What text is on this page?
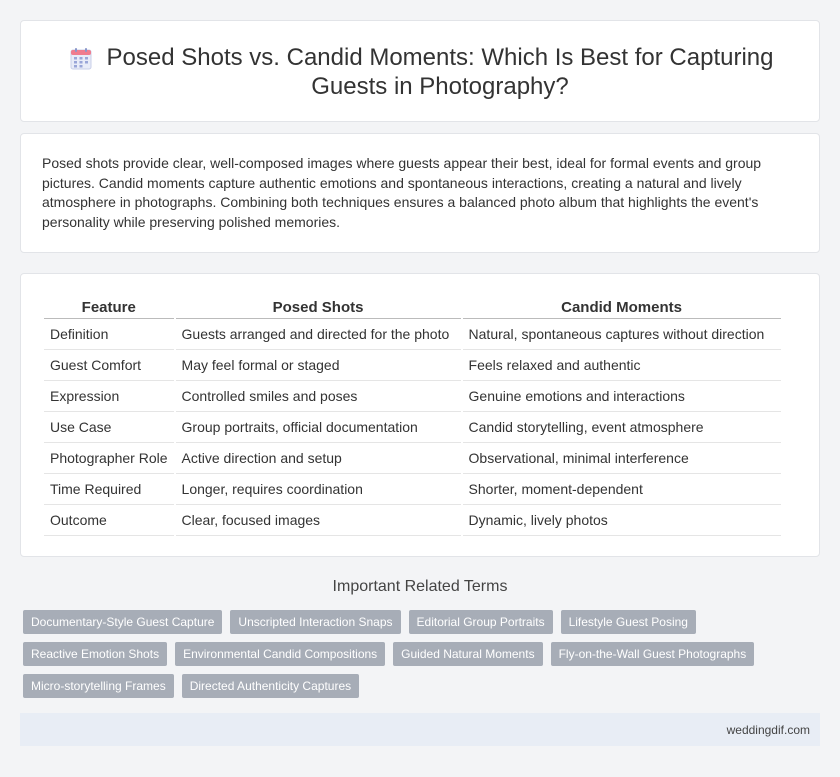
Posed Shots vs. Candid Moments: Which Is Best for Capturing Guests in Photography?

Posed shots provide clear, well-composed images where guests appear their best, ideal for formal events and group pictures. Candid moments capture authentic emotions and spontaneous interactions, creating a natural and lively atmosphere in photographs. Combining both techniques ensures a balanced photo album that highlights the event's personality while preserving polished memories.

Feature	Posed Shots	Candid Moments
Definition	Guests arranged and directed for the photo	Natural, spontaneous captures without direction
Guest Comfort	May feel formal or staged	Feels relaxed and authentic
Expression	Controlled smiles and poses	Genuine emotions and interactions
Use Case	Group portraits, official documentation	Candid storytelling, event atmosphere
Photographer Role	Active direction and setup	Observational, minimal interference
Time Required	Longer, requires coordination	Shorter, moment-dependent
Outcome	Clear, focused images	Dynamic, lively photos
Important Related Terms
Documentary-Style Guest Capture	Unscripted Interaction Snaps	Editorial Group Portraits	Lifestyle Guest Posing
Reactive Emotion Shots	Environmental Candid Compositions	Guided Natural Moments	Fly-on-the-Wall Guest Photographs
Micro-storytelling Frames	Directed Authenticity Captures
weddingdif.com
